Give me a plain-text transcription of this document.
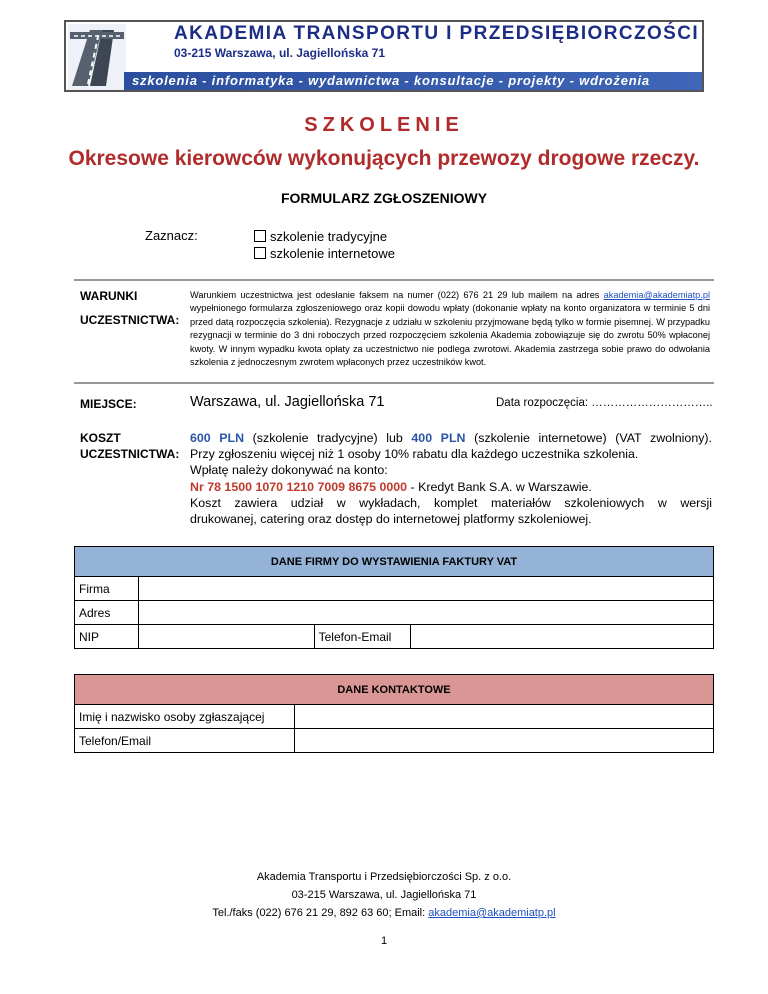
AKADEMIA TRANSPORTU I PRZEDSIĘBIORCZOŚCI
03-215 Warszawa, ul. Jagiellońska 71
szkolenia - informatyka - wydawnictwa - konsultacje - projekty - wdrożenia
SZKOLENIE
Okresowe kierowców wykonujących przewozy drogowe rzeczy.
FORMULARZ ZGŁOSZENIOWY
Zaznacz:	szkolenie tradycyjne
szkolenie internetowe
WARUNKI
UCZESTNICTWA:
Warunkiem uczestnictwa jest odesłanie faksem na numer (022) 676 21 29 lub mailem na adres akademia@akademiatp.pl wypełnionego formularza zgłoszeniowego oraz kopii dowodu wpłaty (dokonanie wpłaty na konto organizatora w terminie 5 dni przed datą rozpoczęcia szkolenia). Rezygnacje z udziału w szkoleniu przyjmowane będą tylko w formie pisemnej. W przypadku rezygnacji w terminie do 3 dni roboczych przed rozpoczęciem szkolenia Akademia zobowiązuje się do zwrotu 50% wpłaconej kwoty. W innym wypadku kwota opłaty za uczestnictwo nie podlega zwrotowi. Akademia zastrzega sobie prawo do odwołania szkolenia z jednoczesnym zwrotem wpłaconych przez uczestników kwot.
MIEJSCE:	Warszawa, ul. Jagiellońska 71	Data rozpoczęcia: …………………………..
KOSZT
UCZESTNICTWA:
600 PLN (szkolenie tradycyjne) lub 400 PLN (szkolenie internetowe) (VAT zwolniony).
Przy zgłoszeniu więcej niż 1 osoby 10% rabatu dla każdego uczestnika szkolenia.
Wpłatę należy dokonywać na konto:
Nr 78 1500 1070 1210 7009 8675 0000 - Kredyt Bank S.A. w Warszawie.
Koszt zawiera udział w wykładach, komplet materiałów szkoleniowych w wersji
drukowanej, catering oraz dostęp do internetowej platformy szkoleniowej.
DANE FIRMY DO WYSTAWIENIA FAKTURY VAT			
Firma			
Adres			
NIP		Telefon-Email	
DANE KONTAKTOWE	
Imię i nazwisko osoby zgłaszającej	
Telefon/Email	
Akademia Transportu i Przedsiębiorczości Sp. z o.o.
03-215 Warszawa, ul. Jagiellońska 71
Tel./faks (022) 676 21 29, 892 63 60; Email: akademia@akademiatp.pl
1
